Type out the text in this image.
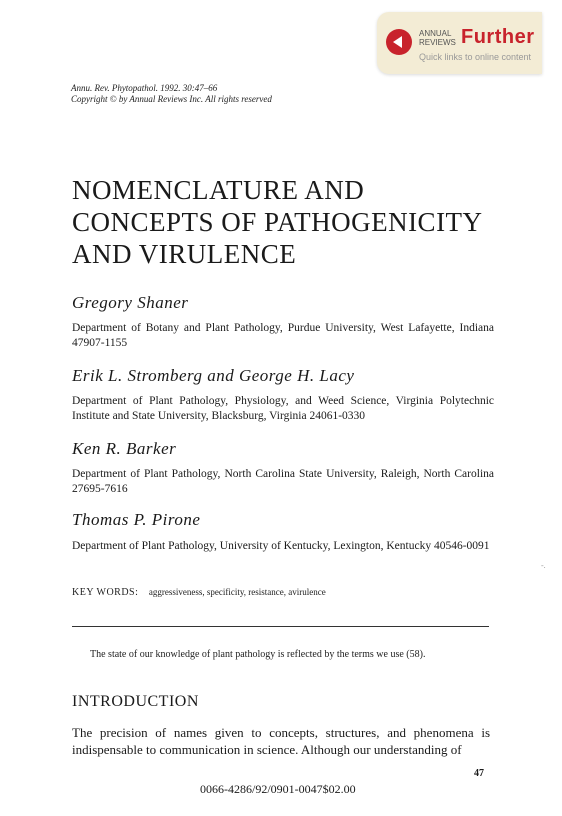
ANNUAL
REVIEWS Further
Quick links to online content
Annu. Rev. Phytopathol. 1992. 30:47–66
Copyright © by Annual Reviews Inc. All rights reserved
NOMENCLATURE AND
CONCEPTS OF PATHOGENICITY
AND VIRULENCE
Gregory Shaner
Department of Botany and Plant Pathology, Purdue University, West Lafayette, Indiana 47907-1155
Erik L. Stromberg and George H. Lacy
Department of Plant Pathology, Physiology, and Weed Science, Virginia Polytechnic Institute and State University, Blacksburg, Virginia 24061-0330
Ken R. Barker
Department of Plant Pathology, North Carolina State University, Raleigh, North Carolina 27695-7616
Thomas P. Pirone
Department of Plant Pathology, University of Kentucky, Lexington, Kentucky 40546-0091
-.
KEY WORDS: aggressiveness, specificity, resistance, avirulence
The state of our knowledge of plant pathology is reflected by the terms we use (58).
INTRODUCTION
The precision of names given to concepts, structures, and phenomena is indispensable to communication in science. Although our understanding of
47
0066-4286/92/0901-0047$02.00
